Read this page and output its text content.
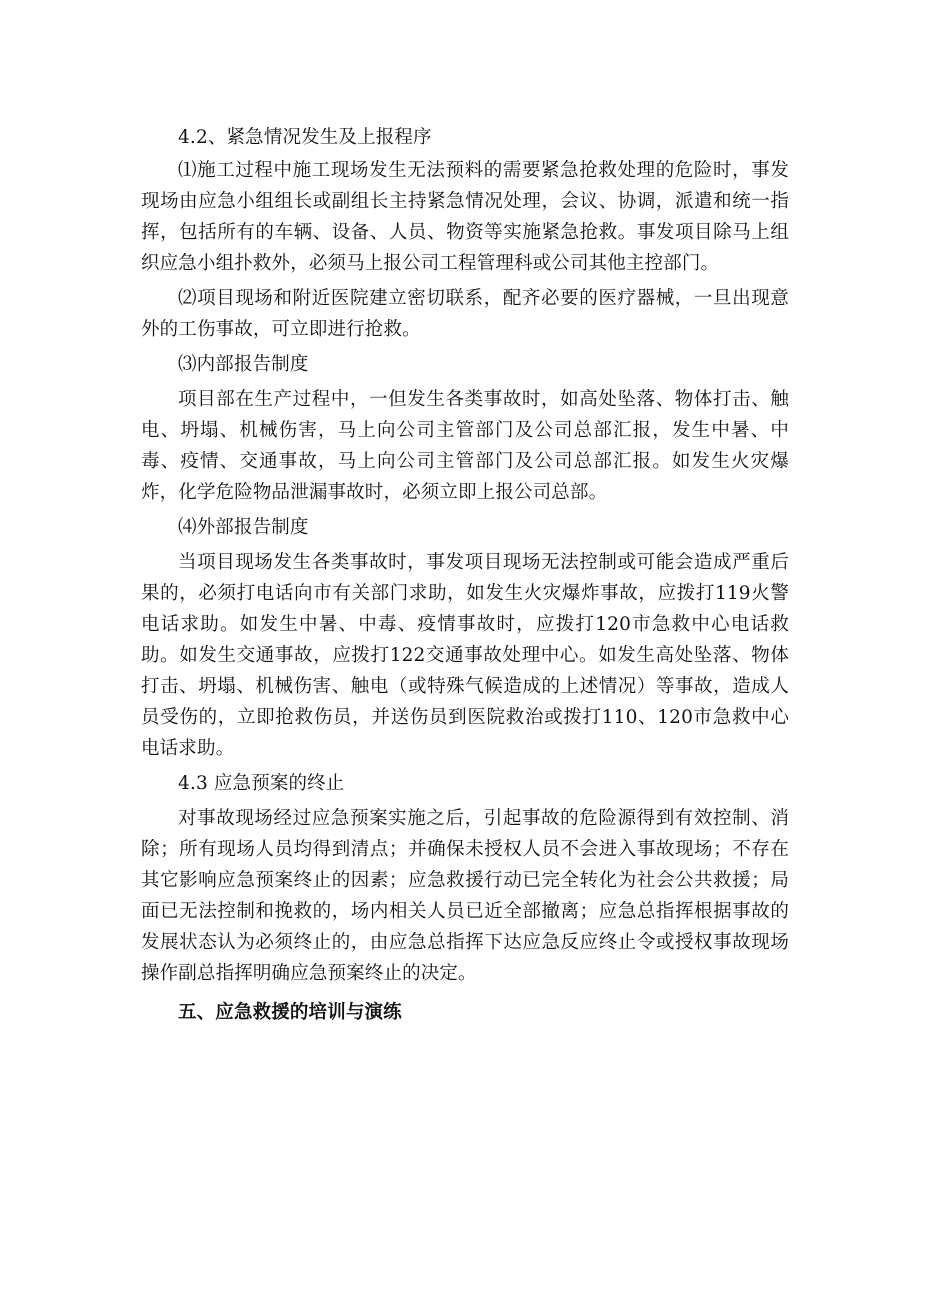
4.2、紧急情况发生及上报程序

⑴施工过程中施工现场发生无法预料的需要紧急抢救处理的危险时，事发现场由应急小组组长或副组长主持紧急情况处理，会议、协调，派遣和统一指挥，包括所有的车辆、设备、人员、物资等实施紧急抢救。事发项目除马上组织应急小组扑救外，必须马上报公司工程管理科或公司其他主控部门。

⑵项目现场和附近医院建立密切联系，配齐必要的医疗器械，一旦出现意外的工伤事故，可立即进行抢救。

⑶内部报告制度

项目部在生产过程中，一但发生各类事故时，如高处坠落、物体打击、触电、坍塌、机械伤害，马上向公司主管部门及公司总部汇报，发生中暑、中毒、疫情、交通事故，马上向公司主管部门及公司总部汇报。如发生火灾爆炸，化学危险物品泄漏事故时，必须立即上报公司总部。

⑷外部报告制度

当项目现场发生各类事故时，事发项目现场无法控制或可能会造成严重后果的，必须打电话向市有关部门求助，如发生火灾爆炸事故，应拨打119火警电话求助。如发生中暑、中毒、疫情事故时，应拨打120市急救中心电话救助。如发生交通事故，应拨打122交通事故处理中心。如发生高处坠落、物体打击、坍塌、机械伤害、触电（或特殊气候造成的上述情况）等事故，造成人员受伤的，立即抢救伤员，并送伤员到医院救治或拨打110、120市急救中心电话求助。

4.3 应急预案的终止

对事故现场经过应急预案实施之后，引起事故的危险源得到有效控制、消除；所有现场人员均得到清点；并确保未授权人员不会进入事故现场；不存在其它影响应急预案终止的因素；应急救援行动已完全转化为社会公共救援；局面已无法控制和挽救的，场内相关人员已近全部撤离；应急总指挥根据事故的发展状态认为必须终止的，由应急总指挥下达应急反应终止令或授权事故现场操作副总指挥明确应急预案终止的决定。

五、应急救援的培训与演练
